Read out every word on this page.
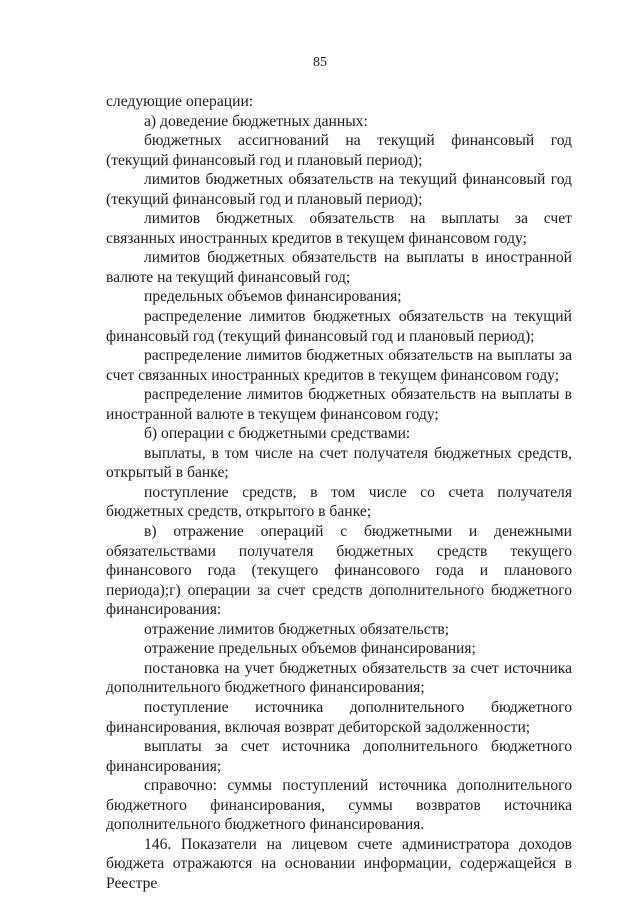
85

следующие операции:

а) доведение бюджетных данных:

бюджетных ассигнований на текущий финансовый год (текущий финансовый год и плановый период);

лимитов бюджетных обязательств на текущий финансовый год (текущий финансовый год и плановый период);

лимитов бюджетных обязательств на выплаты за счет связанных иностранных кредитов в текущем финансовом году;

лимитов бюджетных обязательств на выплаты в иностранной валюте на текущий финансовый год;

предельных объемов финансирования;

распределение лимитов бюджетных обязательств на текущий финансовый год (текущий финансовый год и плановый период);

распределение лимитов бюджетных обязательств на выплаты за счет связанных иностранных кредитов в текущем финансовом году;

распределение лимитов бюджетных обязательств на выплаты в иностранной валюте в текущем финансовом году;

б) операции с бюджетными средствами:

выплаты, в том числе на счет получателя бюджетных средств, открытый в банке;

поступление средств, в том числе со счета получателя бюджетных средств, открытого в банке;

в) отражение операций с бюджетными и денежными обязательствами получателя бюджетных средств текущего финансового года (текущего финансового года и планового периода);г) операции за счет средств дополнительного бюджетного финансирования:

отражение лимитов бюджетных обязательств;

отражение предельных объемов финансирования;

постановка на учет бюджетных обязательств за счет источника дополнительного бюджетного финансирования;

поступление источника дополнительного бюджетного финансирования, включая возврат дебиторской задолженности;

выплаты за счет источника дополнительного бюджетного финансирования;

справочно: суммы поступлений источника дополнительного бюджетного финансирования, суммы возвратов источника дополнительного бюджетного финансирования.

146. Показатели на лицевом счете администратора доходов бюджета отражаются на основании информации, содержащейся в Реестре
